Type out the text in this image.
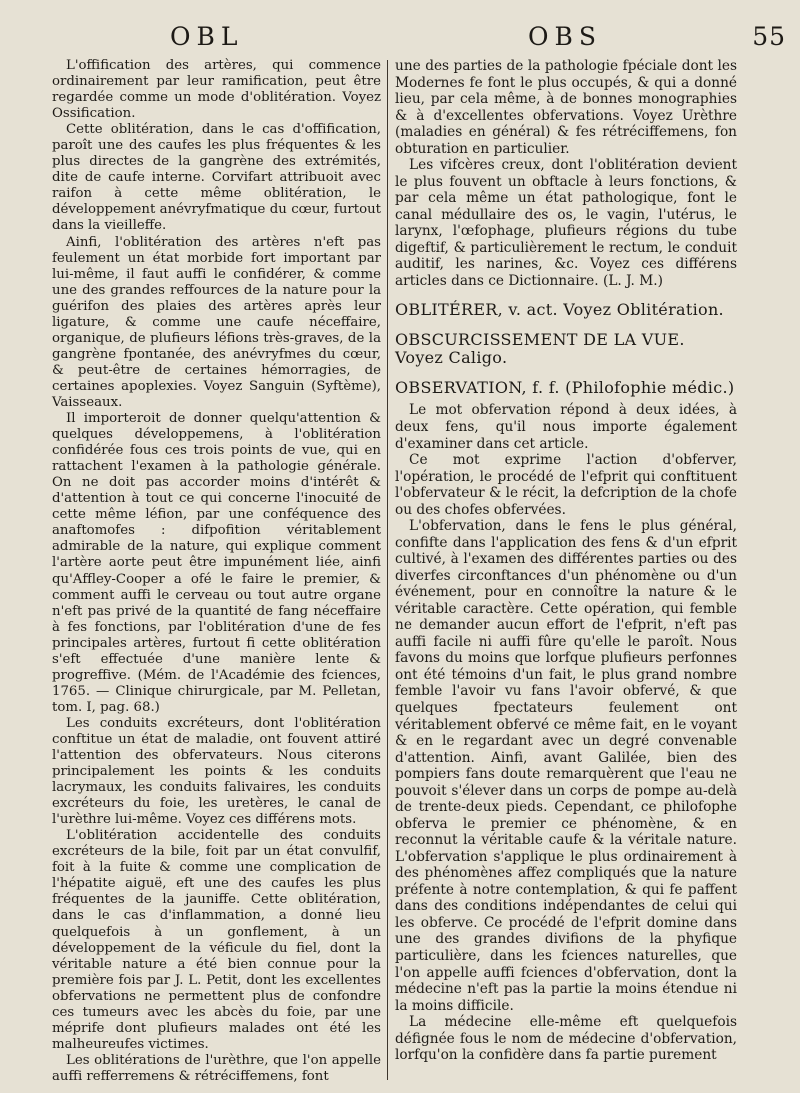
OBL	OBS	55

L'offification des artères, qui commence ordinairement par leur ramification, peut être regardée comme un mode d'oblitération. Voyez Ossification.

Cette oblitération, dans le cas d'offification, paroît une des caufes les plus fréquentes & les plus directes de la gangrène des extrémités, dite de caufe interne. Corvifart attribuoit avec raifon à cette même oblitération, le développement anévryfmatique du cœur, furtout dans la vieilleffe.

Ainfi, l'oblitération des artères n'eft pas feulement un état morbide fort important par lui-même, il faut auffi le confidérer, & comme une des grandes reffources de la nature pour la guérifon des plaies des artères après leur ligature, & comme une caufe néceffaire, organique, de plufieurs léfions très-graves, de la gangrène fpontanée, des anévryfmes du cœur, & peut-être de certaines hémorragies, de certaines apoplexies. Voyez Sanguin (Syftème), Vaisseaux.

Il importeroit de donner quelqu'attention & quelques développemens, à l'oblitération confidérée fous ces trois points de vue, qui en rattachent l'examen à la pathologie générale. On ne doit pas accorder moins d'intérêt & d'attention à tout ce qui concerne l'inocuité de cette même léfion, par une conféquence des anaftomofes : difpofition véritablement admirable de la nature, qui explique comment l'artère aorte peut être impunément liée, ainfi qu'Affley-Cooper a ofé le faire le premier, & comment auffi le cerveau ou tout autre organe n'eft pas privé de la quantité de fang néceffaire à fes fonctions, par l'oblitération d'une de fes principales artères, furtout fi cette oblitération s'eft effectuée d'une manière lente & progreffive. (Mém. de l'Académie des fciences, 1765. — Clinique chirurgicale, par M. Pelletan, tom. I, pag. 68.)

Les conduits excréteurs, dont l'oblitération conftitue un état de maladie, ont fouvent attiré l'attention des obfervateurs. Nous citerons principalement les points & les conduits lacrymaux, les conduits falivaires, les conduits excréteurs du foie, les uretères, le canal de l'urèthre lui-même. Voyez ces différens mots.

L'oblitération accidentelle des conduits excréteurs de la bile, foit par un état convulfif, foit à la fuite & comme une complication de l'hépatite aiguë, eft une des caufes les plus fréquentes de la jauniffe. Cette oblitération, dans le cas d'inflammation, a donné lieu quelquefois à un gonflement, à un développement de la véficule du fiel, dont la véritable nature a été bien connue pour la première fois par J. L. Petit, dont les excellentes obfervations ne permettent plus de confondre ces tumeurs avec les abcès du foie, par une méprife dont plufieurs malades ont été les malheureufes victimes.

Les oblitérations de l'urèthre, que l'on appelle auffi refferremens & rétréciffemens, font

une des parties de la pathologie fpéciale dont les Modernes fe font le plus occupés, & qui a donné lieu, par cela même, à de bonnes monographies & à d'excellentes obfervations. Voyez Urèthre (maladies en général) & fes rétréciffemens, fon obturation en particulier.

Les vifcères creux, dont l'oblitération devient le plus fouvent un obftacle à leurs fonctions, & par cela même un état pathologique, font le canal médullaire des os, le vagin, l'utérus, le larynx, l'œfophage, plufieurs régions du tube digeftif, & particulièrement le rectum, le conduit auditif, les narines, &c. Voyez ces différens articles dans ce Dictionnaire. (L. J. M.)

OBLITÉRER, v. act. Voyez Oblitération.
OBSCURCISSEMENT DE LA VUE. Voyez Caligo.
OBSERVATION, f. f. (Philofophie médic.)

Le mot obfervation répond à deux idées, à deux fens, qu'il nous importe également d'examiner dans cet article.

Ce mot exprime l'action d'obferver, l'opération, le procédé de l'efprit qui conftituent l'obfervateur & le récit, la defcription de la chofe ou des chofes obfervées.

L'obfervation, dans le fens le plus général, confifte dans l'application des fens & d'un efprit cultivé, à l'examen des différentes parties ou des diverfes circonftances d'un phénomène ou d'un événement, pour en connoître la nature & le véritable caractère. Cette opération, qui femble ne demander aucun effort de l'efprit, n'eft pas auffi facile ni auffi fûre qu'elle le paroît. Nous favons du moins que lorfque plufieurs perfonnes ont été témoins d'un fait, le plus grand nombre femble l'avoir vu fans l'avoir obfervé, & que quelques fpectateurs feulement ont véritablement obfervé ce même fait, en le voyant & en le regardant avec un degré convenable d'attention. Ainfi, avant Galilée, bien des pompiers fans doute remarquèrent que l'eau ne pouvoit s'élever dans un corps de pompe au-delà de trente-deux pieds. Cependant, ce philofophe obferva le premier ce phénomène, & en reconnut la véritable caufe & la véritale nature. L'obfervation s'applique le plus ordinairement à des phénomènes affez compliqués que la nature préfente à notre contemplation, & qui fe paffent dans des conditions indépendantes de celui qui les obferve. Ce procédé de l'efprit domine dans une des grandes divifions de la phyfique particulière, dans les fciences naturelles, que l'on appelle auffi fciences d'obfervation, dont la médecine n'eft pas la partie la moins étendue ni la moins difficile.

La médecine elle-même eft quelquefois défignée fous le nom de médecine d'obfervation, lorfqu'on la confidère dans fa partie purement
